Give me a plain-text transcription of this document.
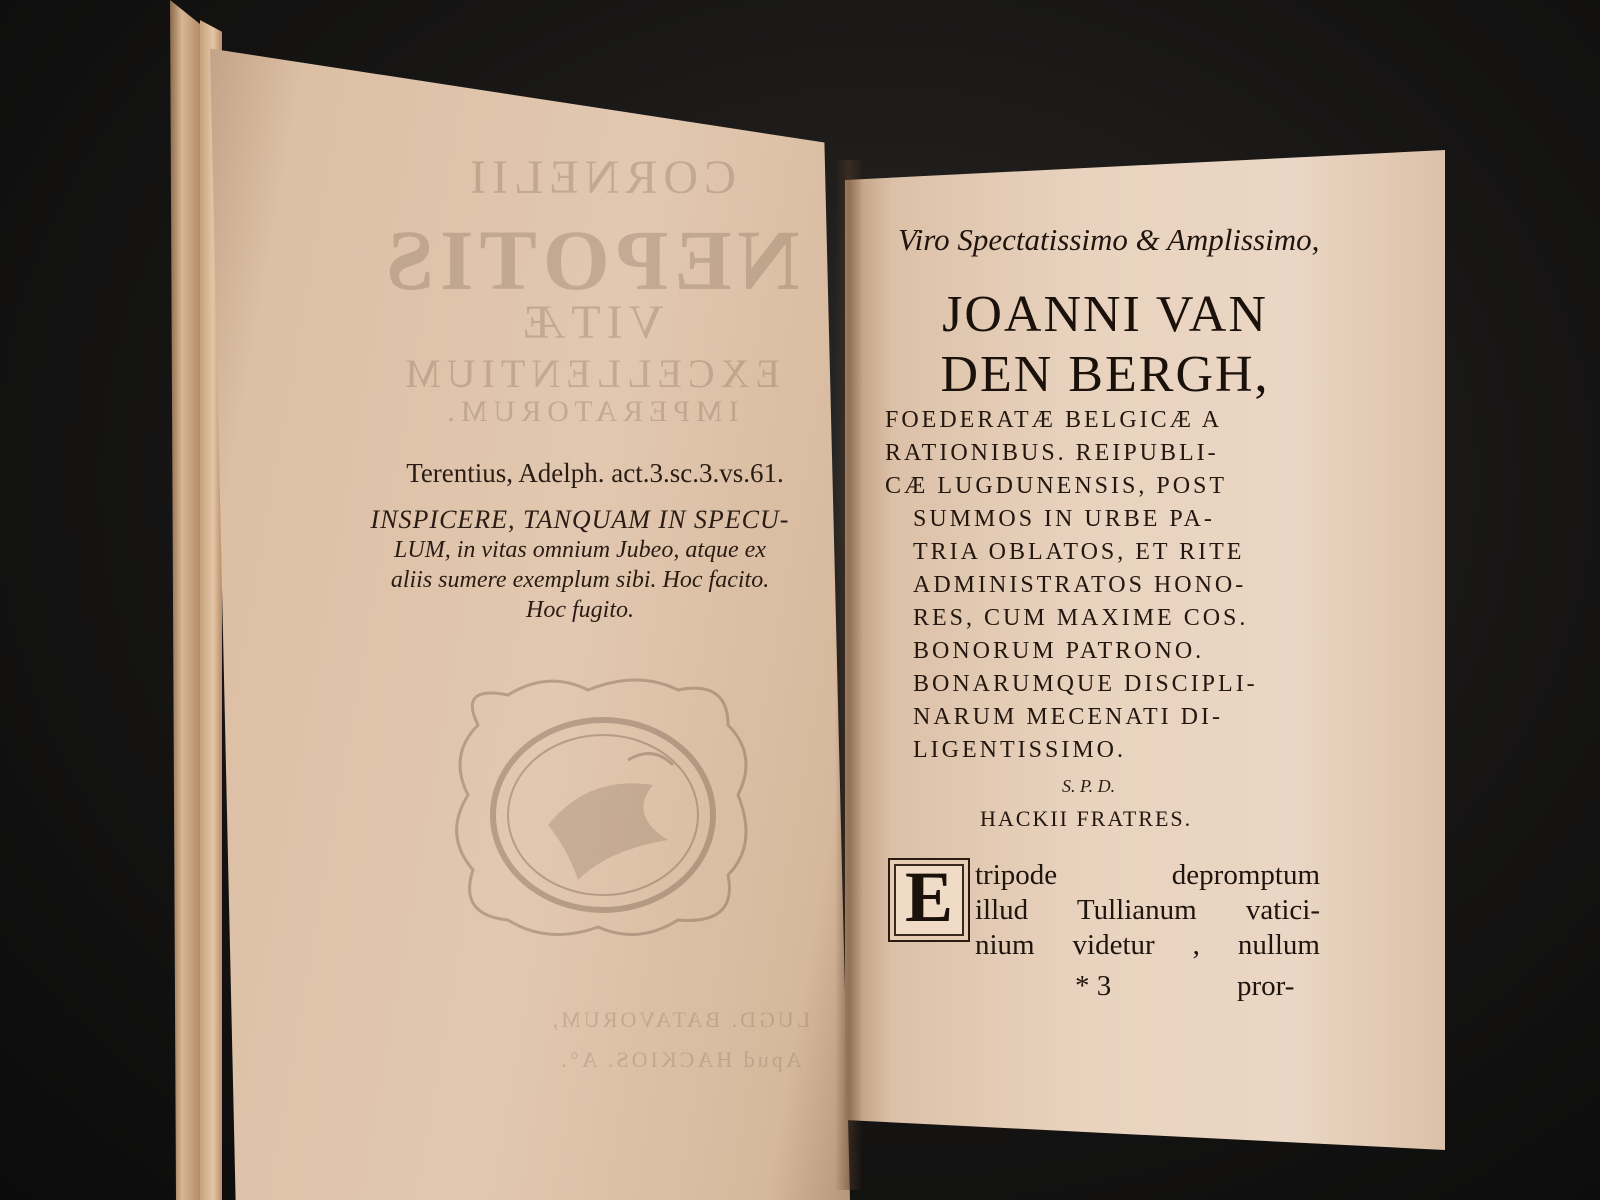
CORNELII
NEPOTIS
VITÆ
EXCELLENTIUM
IMPERATORUM.
Terentius, Adelph. act.3.sc.3.vs.61.
INSPICERE, TANQUAM IN SPECU-
LUM, in vitas omnium Jubeo, atque ex
aliis sumere exemplum sibi. Hoc facito.
Hoc fugito.
LUGD. BATAVORUM,
Apud HACKIOS. A°.
Viro Spectatissimo & Amplissimo,
JOANNI VAN
DEN BERGH,
FOEDERATÆ BELGICÆ A
RATIONIBUS. REIPUBLI-
CÆ LUGDUNENSIS, POST
SUMMOS IN URBE PA-
TRIA OBLATOS, ET RITE
ADMINISTRATOS HONO-
RES, CUM MAXIME COS.
BONORUM PATRONO.
BONARUMQUE DISCIPLI-
NARUM MECENATI DI-
LIGENTISSIMO.
S. P. D.
HACKII FRATRES.
E tripode depromptum
illud Tullianum vatici-
nium videtur , nullum
* 3	pror-
